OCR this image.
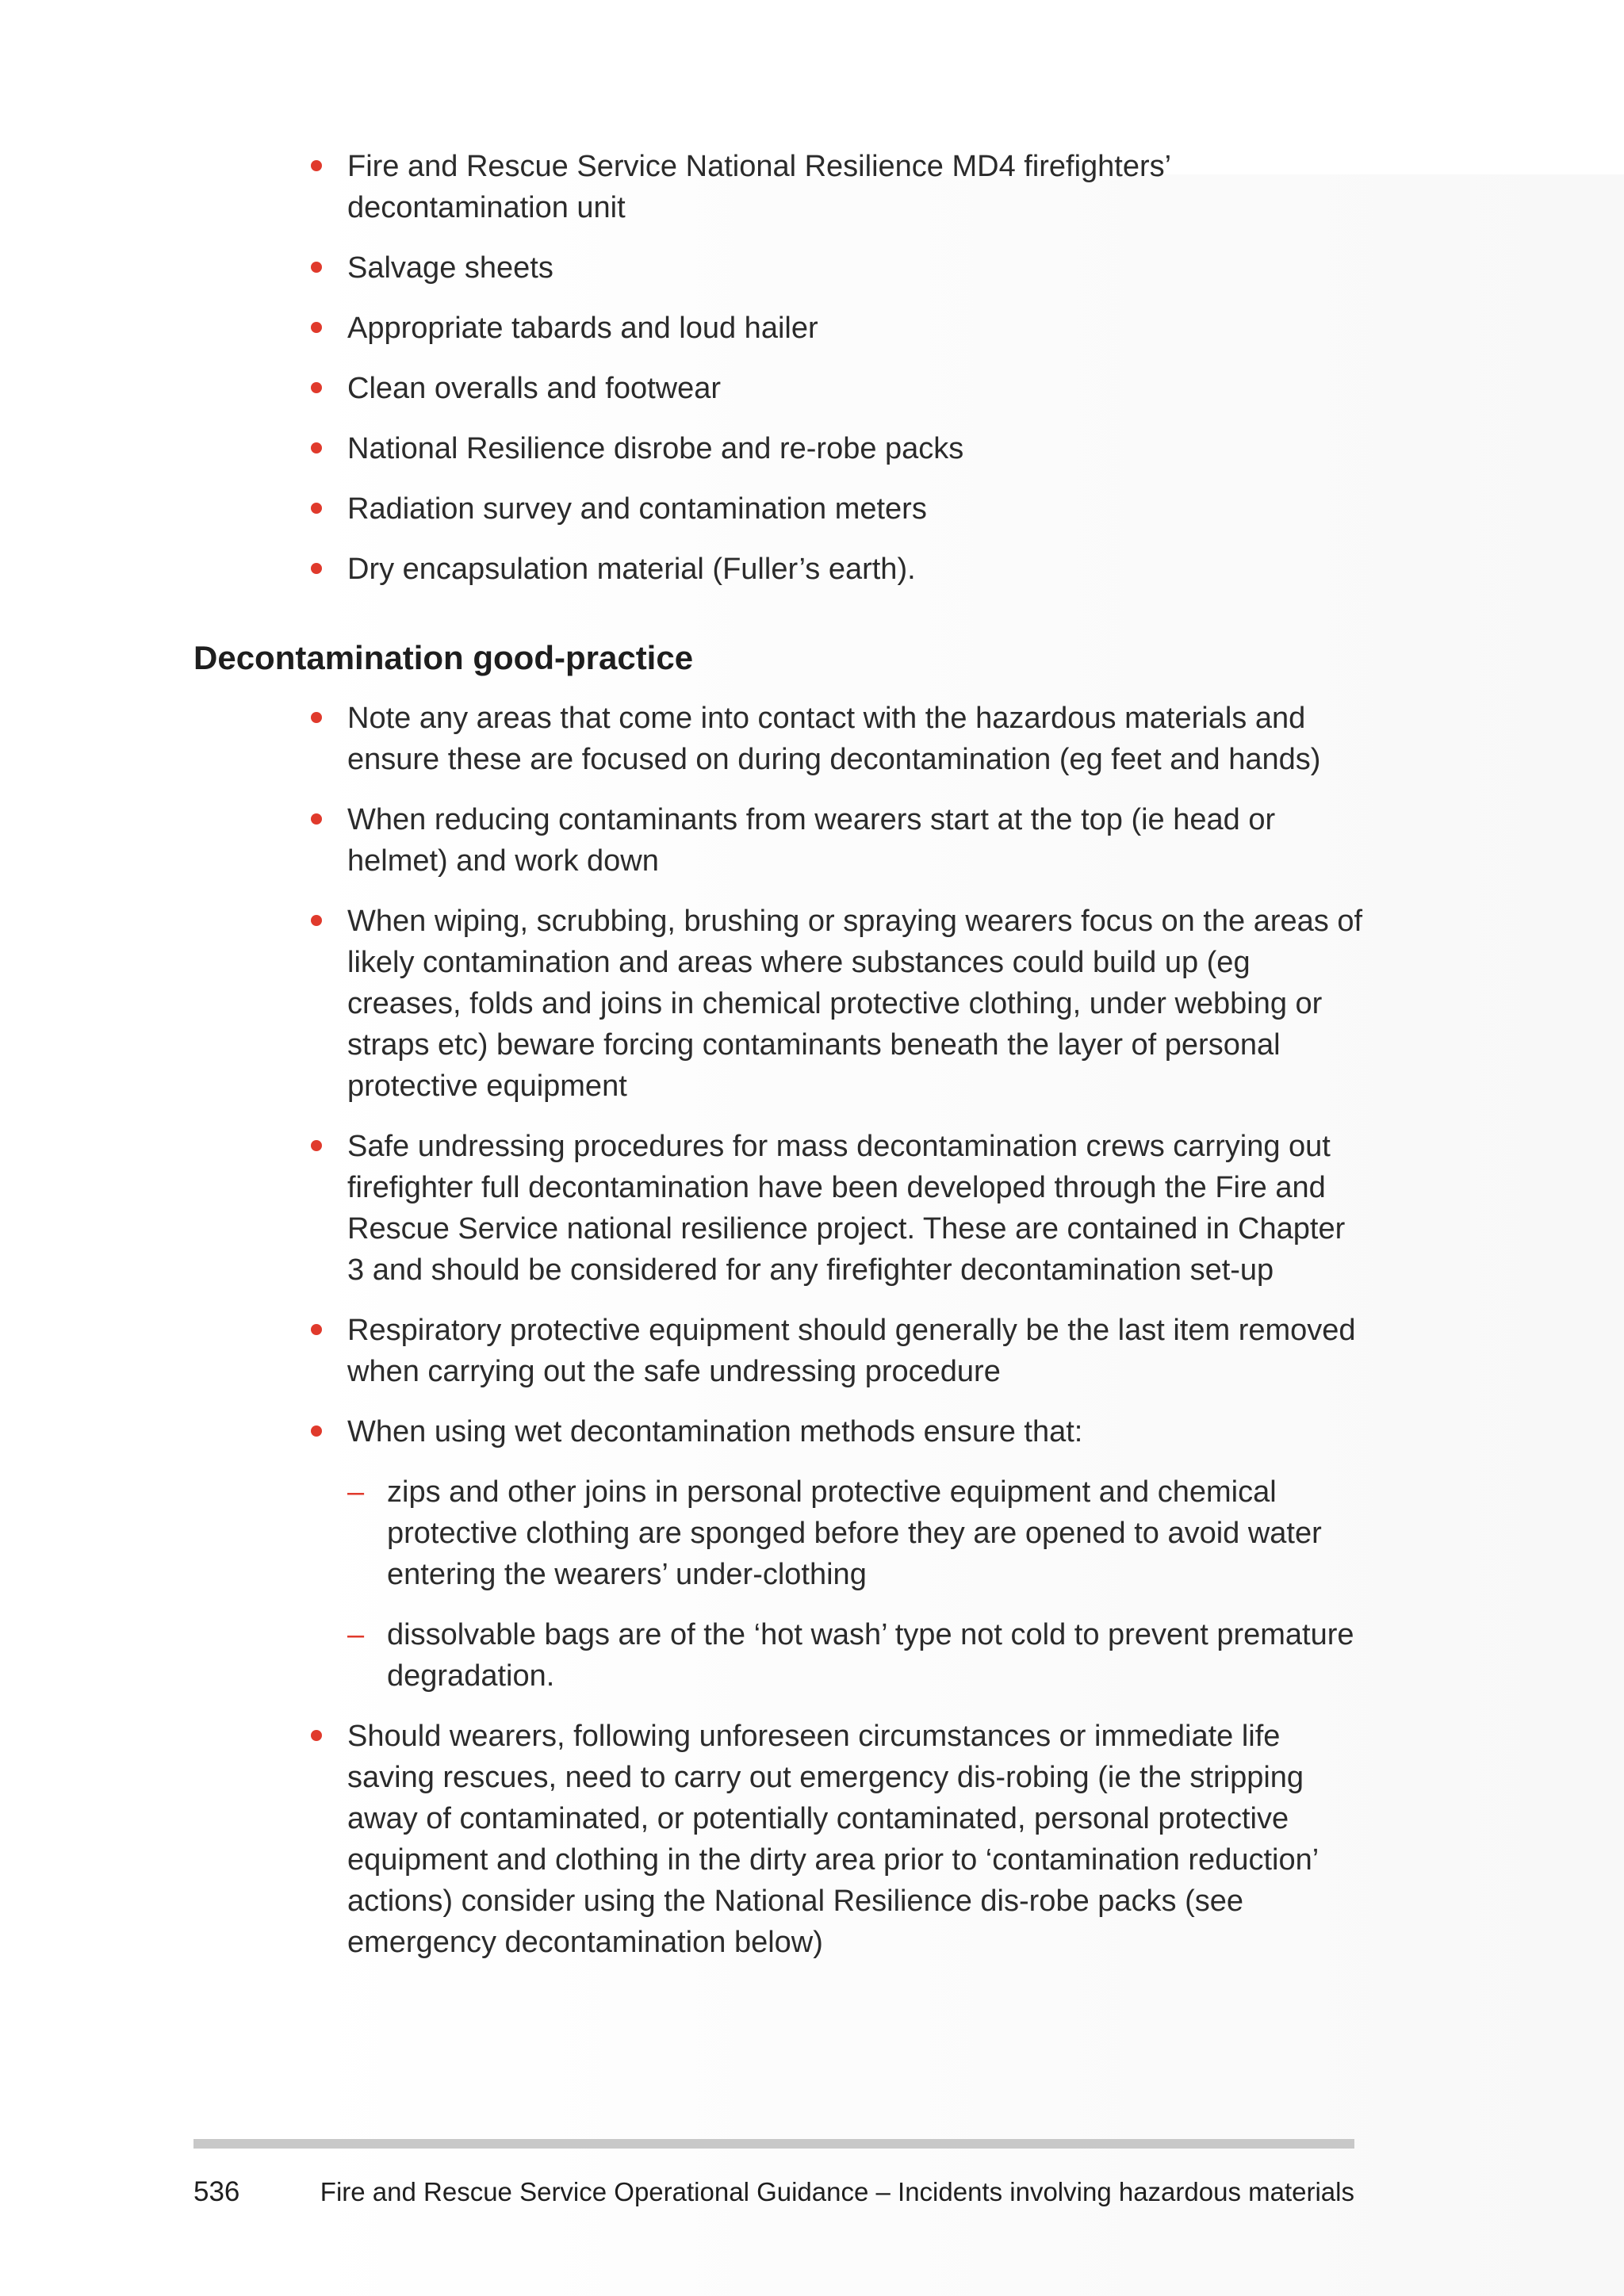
Fire and Rescue Service National Resilience MD4 firefighters’ decontamination unit
Salvage sheets
Appropriate tabards and loud hailer
Clean overalls and footwear
National Resilience disrobe and re-robe packs
Radiation survey and contamination meters
Dry encapsulation material (Fuller’s earth).
Decontamination good-practice
Note any areas that come into contact with the hazardous materials and ensure these are focused on during decontamination (eg feet and hands)
When reducing contaminants from wearers start at the top (ie head or helmet) and work down
When wiping, scrubbing, brushing or spraying wearers focus on the areas of likely contamination and areas where substances could build up (eg creases, folds and joins in chemical protective clothing, under webbing or straps etc) beware forcing contaminants beneath the layer of personal protective equipment
Safe undressing procedures for mass decontamination crews carrying out firefighter full decontamination have been developed through the Fire and Rescue Service national resilience project. These are contained in Chapter 3 and should be considered for any firefighter decontamination set-up
Respiratory protective equipment should generally be the last item removed when carrying out the safe undressing procedure
When using wet decontamination methods ensure that:
– zips and other joins in personal protective equipment and chemical protective clothing are sponged before they are opened to avoid water entering the wearers’ under-clothing
– dissolvable bags are of the ‘hot wash’ type not cold to prevent premature degradation.
Should wearers, following unforeseen circumstances or immediate life saving rescues, need to carry out emergency dis-robing (ie the stripping away of contaminated, or potentially contaminated, personal protective equipment and clothing in the dirty area prior to ‘contamination reduction’ actions) consider using the National Resilience dis-robe packs (see emergency decontamination below)
536	Fire and Rescue Service Operational Guidance – Incidents involving hazardous materials
